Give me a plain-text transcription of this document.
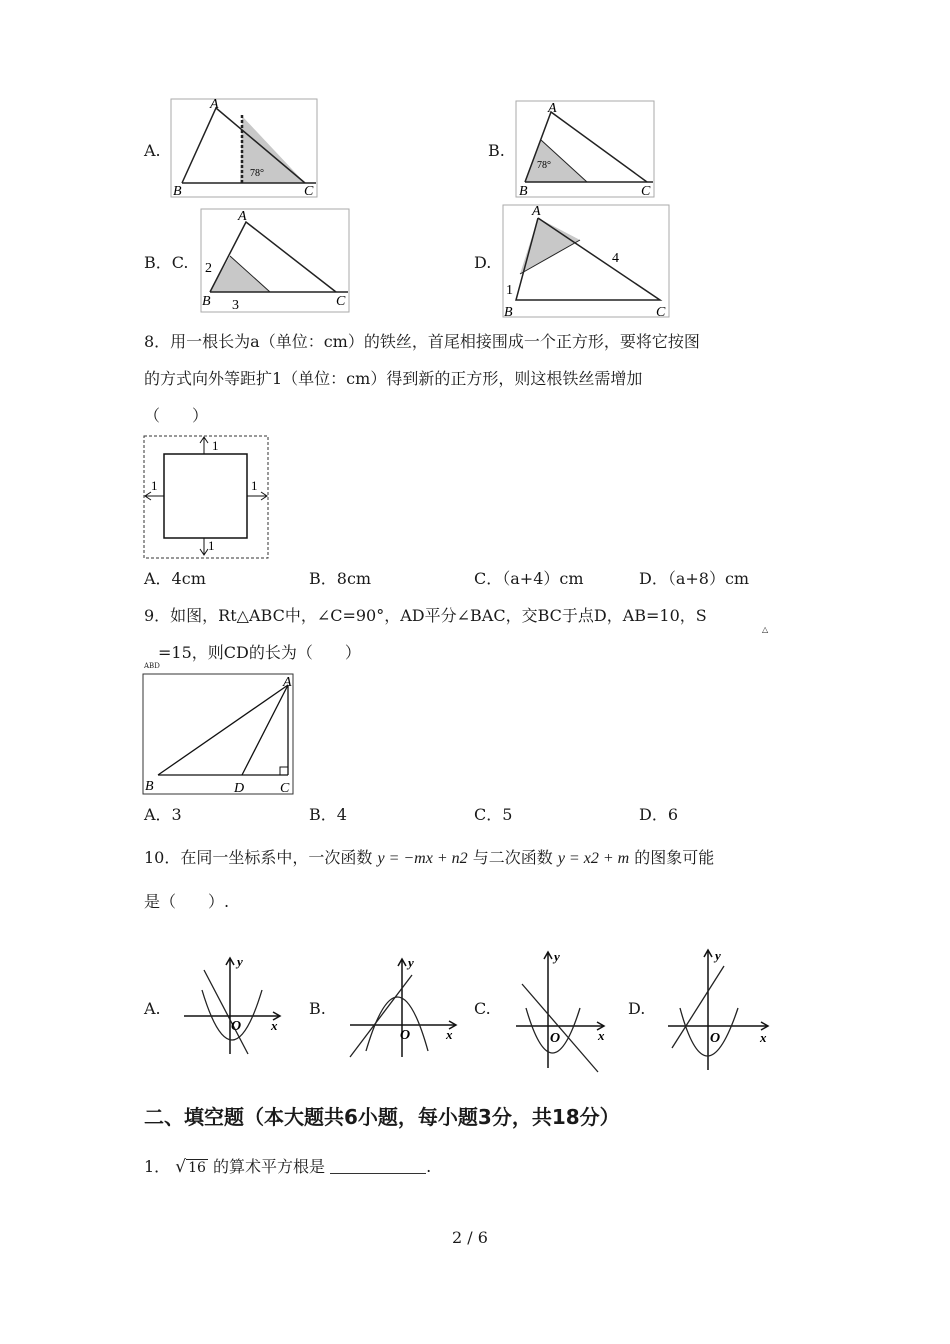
A.
A
B	C
78°
B.
A
B	C
78°
B．C.
A
B	C
2
3
D.
A
B	C
4
1
8．用一根长为a（单位：cm）的铁丝，首尾相接围成一个正方形，要将它按图
的方式向外等距扩1（单位：cm）得到新的正方形，则这根铁丝需增加
（　　）
1
1
1	1
A．4cm	B．8cm	C．（a+4）cm	D．（a+8）cm
9．如图，Rt△ABC中，∠C=90°，AD平分∠BAC，交BC于点D，AB=10，S
△
ABD
=15，则CD的长为（　　）
A
B	D	C
A．3	B．4	C．5	D．6
10．在同一坐标系中，一次函数 y = −mx + n2 与二次函数 y = x2 + m 的图象可能
是（　　）.
A.
y
x
O
B.
y
x
O
C.
y
x
O
D.
y
x
O
二、填空题（本大题共6小题，每小题3分，共18分）
1． √ 16 的算术平方根是	.
2 / 6
